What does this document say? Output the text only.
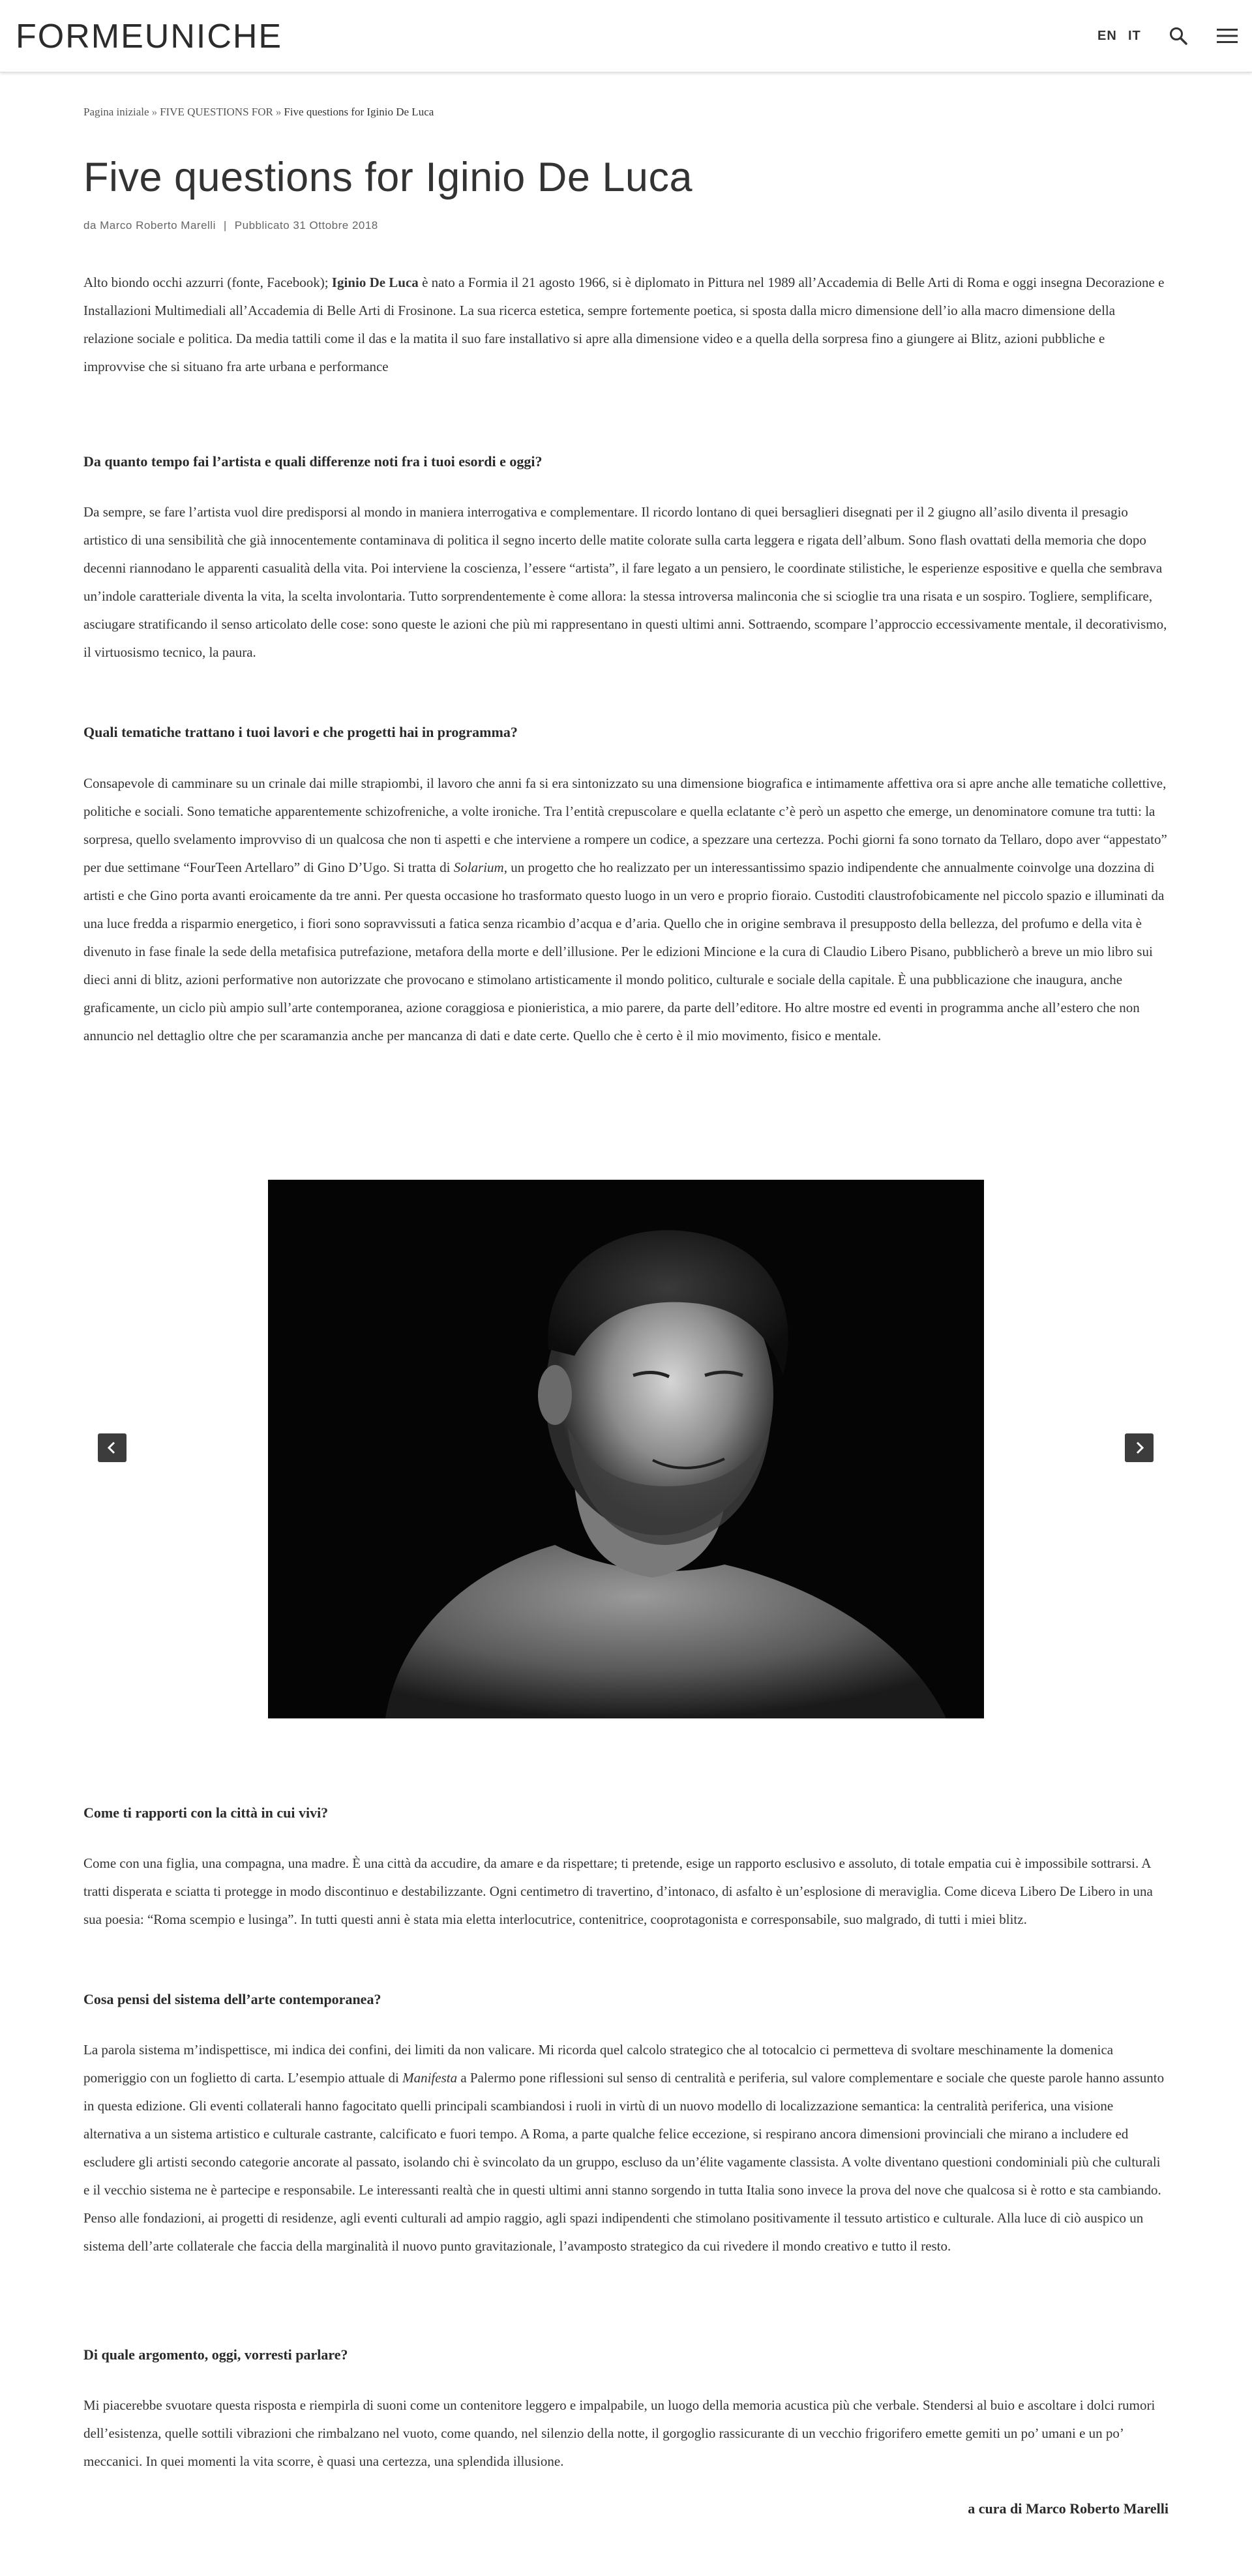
FORMEUNICHE	EN IT
Pagina iniziale » FIVE QUESTIONS FOR » Five questions for Iginio De Luca
Five questions for Iginio De Luca
da Marco Roberto Marelli | Pubblicato 31 Ottobre 2018

Alto biondo occhi azzurri (fonte, Facebook); Iginio De Luca è nato a Formia il 21 agosto 1966, si è diplomato in Pittura nel 1989 all’Accademia di Belle Arti di Roma e oggi insegna Decorazione e Installazioni Multimediali all’Accademia di Belle Arti di Frosinone. La sua ricerca estetica, sempre fortemente poetica, si sposta dalla micro dimensione dell’io alla macro dimensione della relazione sociale e politica. Da media tattili come il das e la matita il suo fare installativo si apre alla dimensione video e a quella della sorpresa fino a giungere ai Blitz, azioni pubbliche e improvvise che si situano fra arte urbana e performance

Da quanto tempo fai l’artista e quali differenze noti fra i tuoi esordi e oggi?

Da sempre, se fare l’artista vuol dire predisporsi al mondo in maniera interrogativa e complementare. Il ricordo lontano di quei bersaglieri disegnati per il 2 giugno all’asilo diventa il presagio artistico di una sensibilità che già innocentemente contaminava di politica il segno incerto delle matite colorate sulla carta leggera e rigata dell’album. Sono flash ovattati della memoria che dopo decenni riannodano le apparenti casualità della vita. Poi interviene la coscienza, l’essere “artista”, il fare legato a un pensiero, le coordinate stilistiche, le esperienze espositive e quella che sembrava un’indole caratteriale diventa la vita, la scelta involontaria. Tutto sorprendentemente è come allora: la stessa introversa malinconia che si scioglie tra una risata e un sospiro. Togliere, semplificare, asciugare stratificando il senso articolato delle cose: sono queste le azioni che più mi rappresentano in questi ultimi anni. Sottraendo, scompare l’approccio eccessivamente mentale, il decorativismo, il virtuosismo tecnico, la paura.

Quali tematiche trattano i tuoi lavori e che progetti hai in programma?

Consapevole di camminare su un crinale dai mille strapiombi, il lavoro che anni fa si era sintonizzato su una dimensione biografica e intimamente affettiva ora si apre anche alle tematiche collettive, politiche e sociali. Sono tematiche apparentemente schizofreniche, a volte ironiche. Tra l’entità crepuscolare e quella eclatante c’è però un aspetto che emerge, un denominatore comune tra tutti: la sorpresa, quello svelamento improvviso di un qualcosa che non ti aspetti e che interviene a rompere un codice, a spezzare una certezza. Pochi giorni fa sono tornato da Tellaro, dopo aver “appestato” per due settimane “FourTeen Artellaro” di Gino D’Ugo. Si tratta di Solarium, un progetto che ho realizzato per un interessantissimo spazio indipendente che annualmente coinvolge una dozzina di artisti e che Gino porta avanti eroicamente da tre anni. Per questa occasione ho trasformato questo luogo in un vero e proprio fioraio. Custoditi claustrofobicamente nel piccolo spazio e illuminati da una luce fredda a risparmio energetico, i fiori sono sopravvissuti a fatica senza ricambio d’acqua e d’aria. Quello che in origine sembrava il presupposto della bellezza, del profumo e della vita è divenuto in fase finale la sede della metafisica putrefazione, metafora della morte e dell’illusione. Per le edizioni Mincione e la cura di Claudio Libero Pisano, pubblicherò a breve un mio libro sui dieci anni di blitz, azioni performative non autorizzate che provocano e stimolano artisticamente il mondo politico, culturale e sociale della capitale. È una pubblicazione che inaugura, anche graficamente, un ciclo più ampio sull’arte contemporanea, azione coraggiosa e pionieristica, a mio parere, da parte dell’editore. Ho altre mostre ed eventi in programma anche all’estero che non annuncio nel dettaglio oltre che per scaramanzia anche per mancanza di dati e date certe. Quello che è certo è il mio movimento, fisico e mentale.

Come ti rapporti con la città in cui vivi?

Come con una figlia, una compagna, una madre. È una città da accudire, da amare e da rispettare; ti pretende, esige un rapporto esclusivo e assoluto, di totale empatia cui è impossibile sottrarsi. A tratti disperata e sciatta ti protegge in modo discontinuo e destabilizzante. Ogni centimetro di travertino, d’intonaco, di asfalto è un’esplosione di meraviglia. Come diceva Libero De Libero in una sua poesia: “Roma scempio e lusinga”. In tutti questi anni è stata mia eletta interlocutrice, contenitrice, cooprotagonista e corresponsabile, suo malgrado, di tutti i miei blitz.

Cosa pensi del sistema dell’arte contemporanea?

La parola sistema m’indispettisce, mi indica dei confini, dei limiti da non valicare. Mi ricorda quel calcolo strategico che al totocalcio ci permetteva di svoltare meschinamente la domenica pomeriggio con un foglietto di carta. L’esempio attuale di Manifesta a Palermo pone riflessioni sul senso di centralità e periferia, sul valore complementare e sociale che queste parole hanno assunto in questa edizione. Gli eventi collaterali hanno fagocitato quelli principali scambiandosi i ruoli in virtù di un nuovo modello di localizzazione semantica: la centralità periferica, una visione alternativa a un sistema artistico e culturale castrante, calcificato e fuori tempo. A Roma, a parte qualche felice eccezione, si respirano ancora dimensioni provinciali che mirano a includere ed escludere gli artisti secondo categorie ancorate al passato, isolando chi è svincolato da un gruppo, escluso da un’élite vagamente classista. A volte diventano questioni condominiali più che culturali e il vecchio sistema ne è partecipe e responsabile. Le interessanti realtà che in questi ultimi anni stanno sorgendo in tutta Italia sono invece la prova del nove che qualcosa si è rotto e sta cambiando. Penso alle fondazioni, ai progetti di residenze, agli eventi culturali ad ampio raggio, agli spazi indipendenti che stimolano positivamente il tessuto artistico e culturale. Alla luce di ciò auspico un sistema dell’arte collaterale che faccia della marginalità il nuovo punto gravitazionale, l’avamposto strategico da cui rivedere il mondo creativo e tutto il resto.

Di quale argomento, oggi, vorresti parlare?

Mi piacerebbe svuotare questa risposta e riempirla di suoni come un contenitore leggero e impalpabile, un luogo della memoria acustica più che verbale. Stendersi al buio e ascoltare i dolci rumori dell’esistenza, quelle sottili vibrazioni che rimbalzano nel vuoto, come quando, nel silenzio della notte, il gorgoglio rassicurante di un vecchio frigorifero emette gemiti un po’ umani e un po’ meccanici. In quei momenti la vita scorre, è quasi una certezza, una splendida illusione.

a cura di Marco Roberto Marelli
